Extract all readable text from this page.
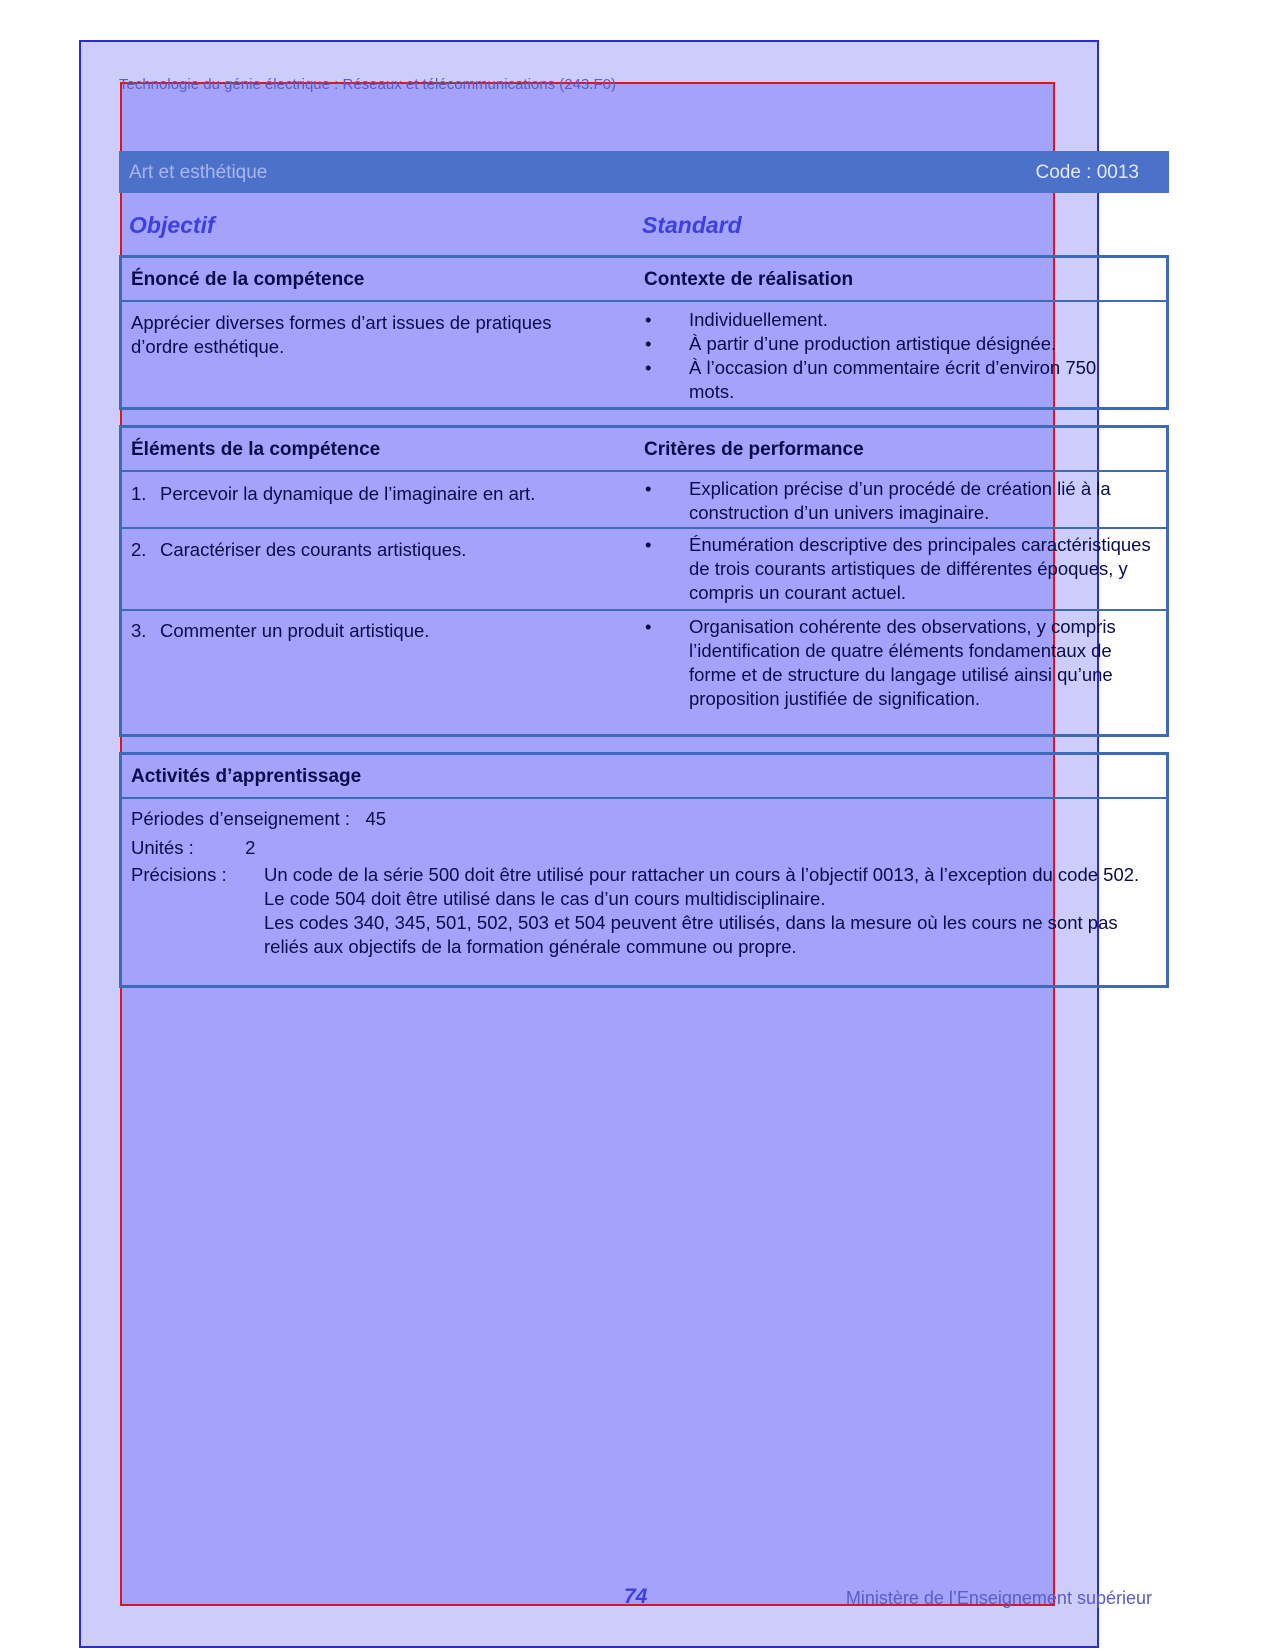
Technologie du génie électrique : Réseaux et télécommunications (243.F0)
Art et esthétique	Code : 0013
Objectif	Standard
Énoncé de la compétence	Contexte de réalisation
Apprécier diverses formes d’art issues de pratiques d’ordre esthétique.
• Individuellement.
• À partir d’une production artistique désignée.
• À l’occasion d’un commentaire écrit d’environ 750 mots.
Éléments de la compétence	Critères de performance
1. Percevoir la dynamique de l’imaginaire en art.	• Explication précise d’un procédé de création lié à la construction d’un univers imaginaire.
2. Caractériser des courants artistiques.	• Énumération descriptive des principales caractéristiques de trois courants artistiques de différentes époques, y compris un courant actuel.
3. Commenter un produit artistique.	• Organisation cohérente des observations, y compris l’identification de quatre éléments fondamentaux de forme et de structure du langage utilisé ainsi qu’une proposition justifiée de signification.
Activités d’apprentissage
Périodes d’enseignement :   45
Unités :          2
Précisions : Un code de la série 500 doit être utilisé pour rattacher un cours à l’objectif 0013, à l’exception du code 502.
Le code 504 doit être utilisé dans le cas d’un cours multidisciplinaire.
Les codes 340, 345, 501, 502, 503 et 504 peuvent être utilisés, dans la mesure où les cours ne sont pas reliés aux objectifs de la formation générale commune ou propre.
74	Ministère de l’Enseignement supérieur
